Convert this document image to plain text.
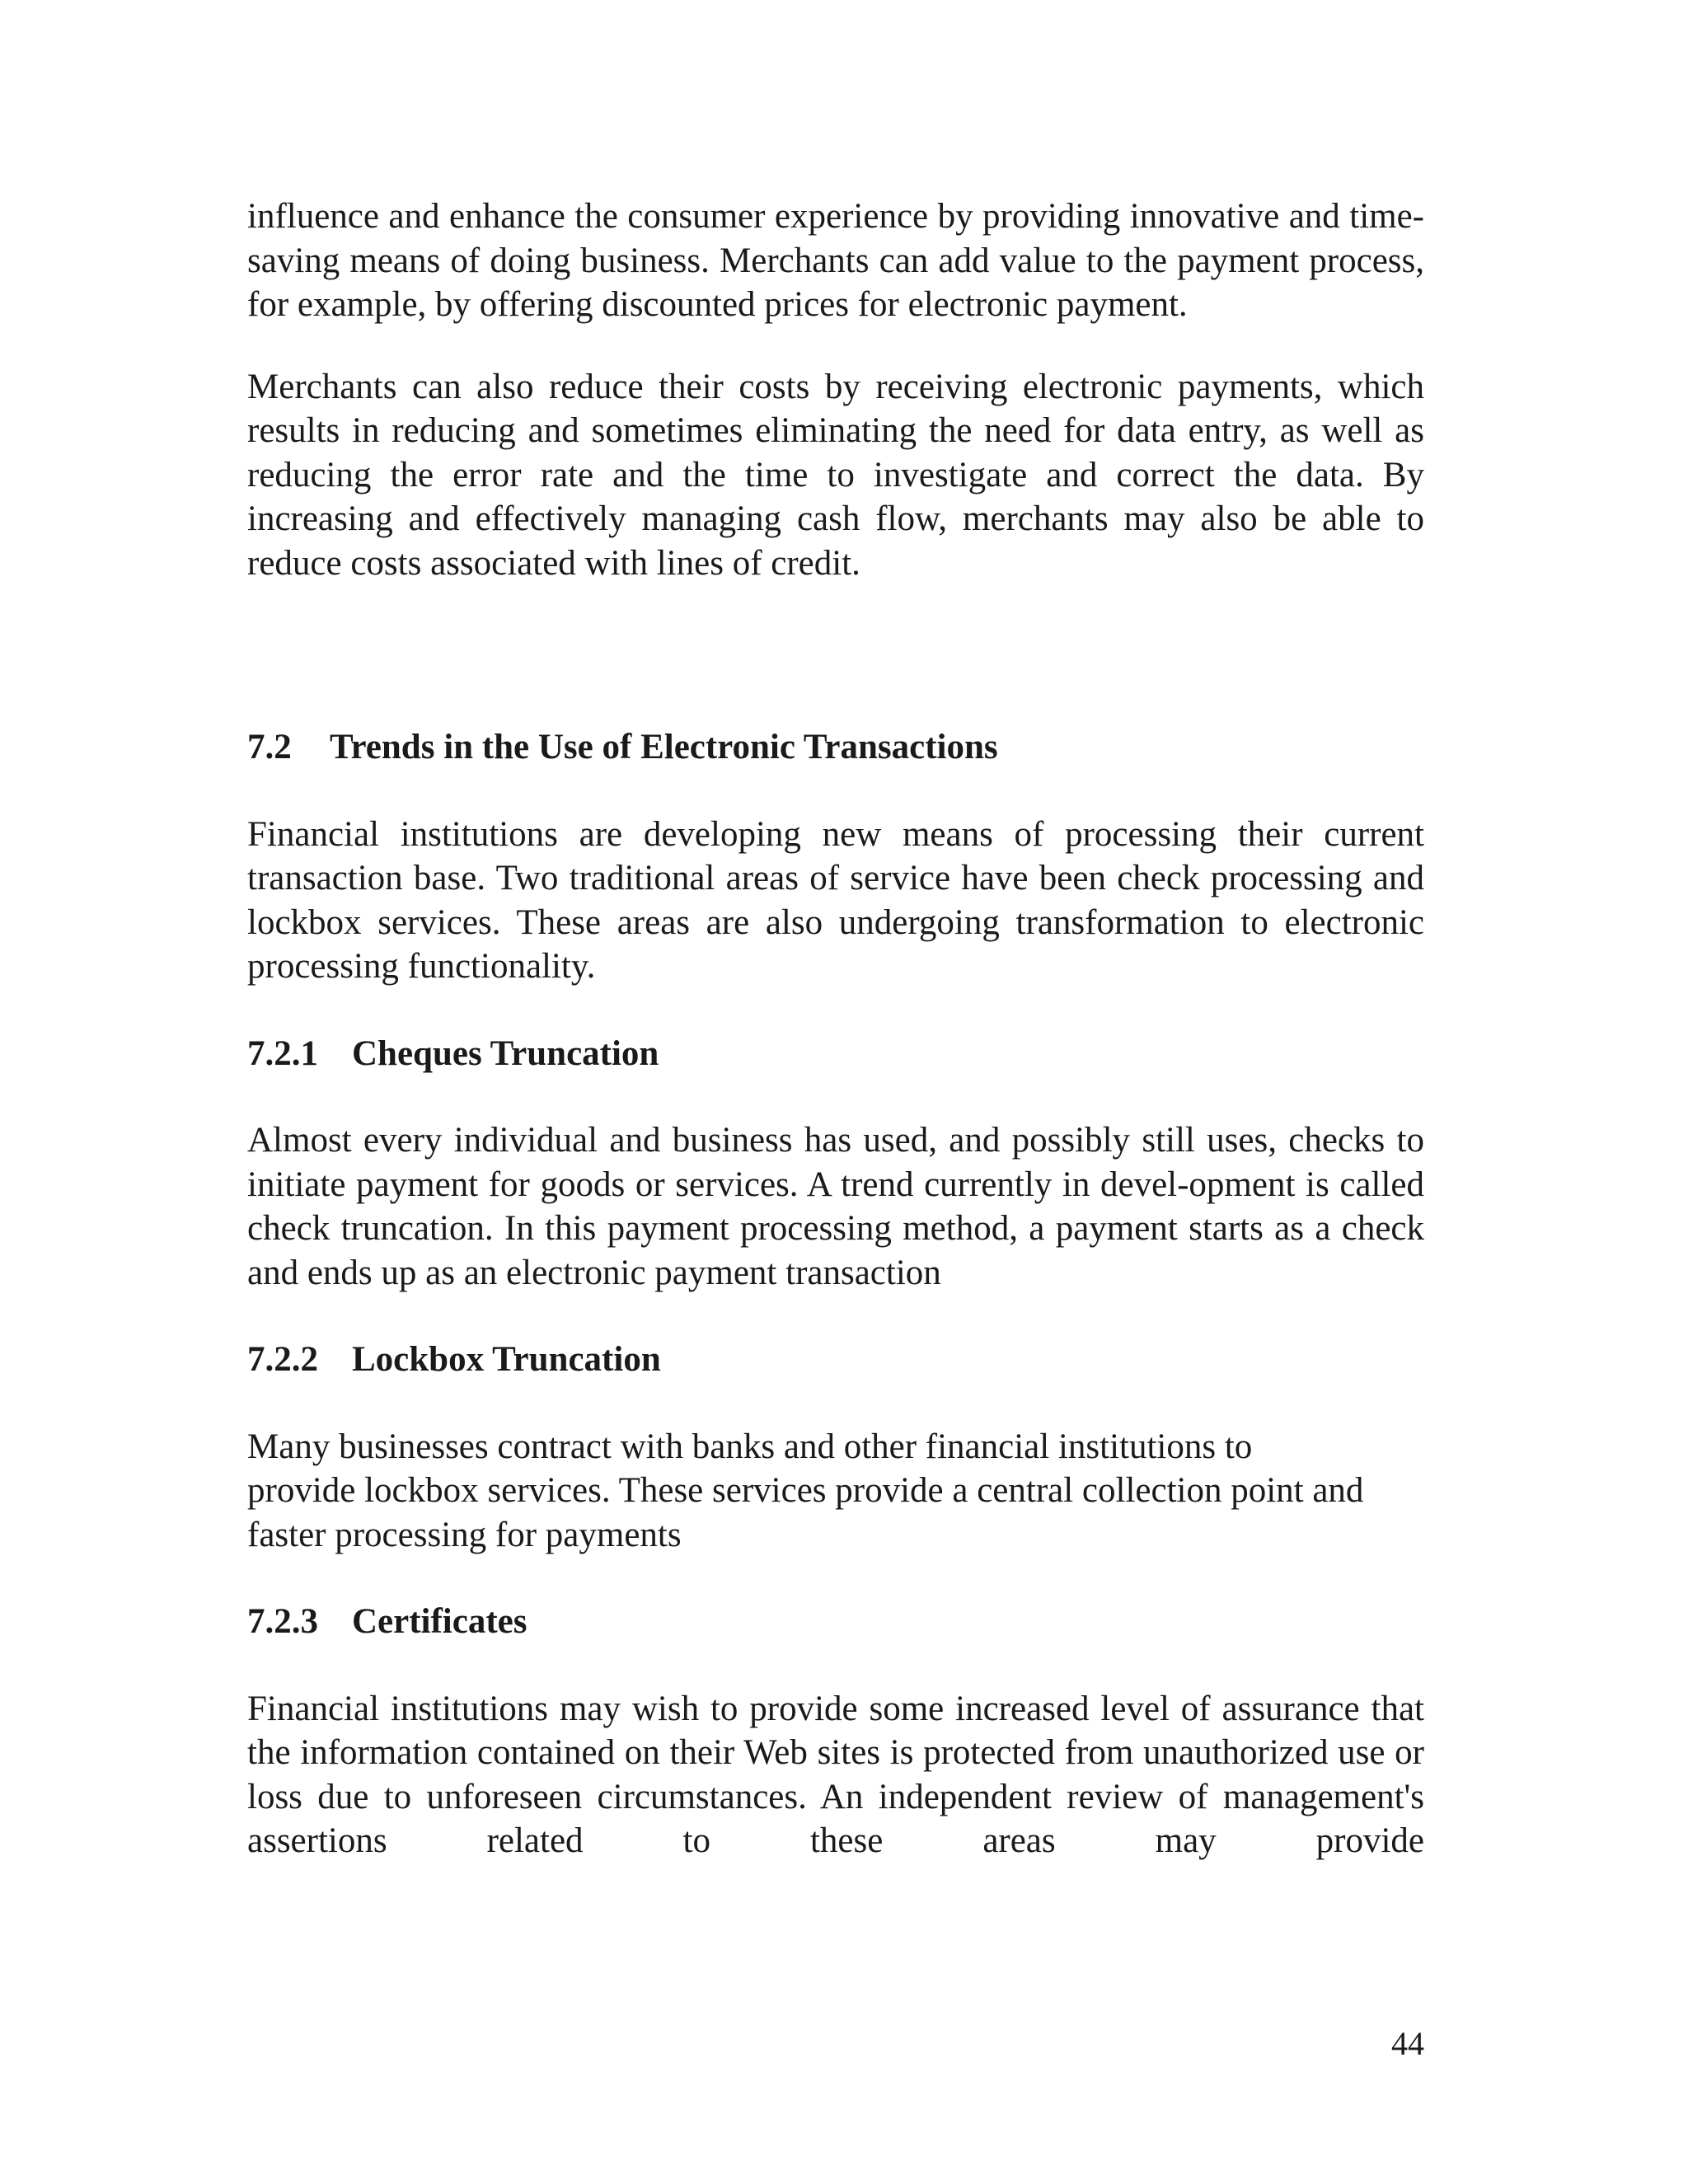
influence and enhance the consumer experience by providing innovative and time-saving means of doing business. Merchants can add value to the payment process, for example, by offering discounted prices for electronic payment.

Merchants can also reduce their costs by receiving electronic payments, which results in reducing and sometimes eliminating the need for data entry, as well as reducing the error rate and the time to investigate and correct the data. By increasing and effectively managing cash flow, merchants may also be able to reduce costs associated with lines of credit.

7.2	Trends in the Use of Electronic Transactions

Financial institutions are developing new means of processing their current transaction base. Two traditional areas of service have been check processing and lockbox services. These areas are also undergoing transformation to electronic processing functionality.

7.2.1 Cheques Truncation

Almost every individual and business has used, and possibly still uses, checks to initiate payment for goods or services. A trend currently in devel-opment is called check truncation. In this payment processing method, a payment starts as a check and ends up as an electronic payment transaction

7.2.2 Lockbox Truncation

Many businesses contract with banks and other financial institutions to provide lockbox services. These services provide a central collection point and faster processing for payments

7.2.3 Certificates

Financial institutions may wish to provide some increased level of assurance that the information contained on their Web sites is protected from unauthorized use or loss due to unforeseen circumstances. An independent review of management's assertions related to these areas may provide

44
